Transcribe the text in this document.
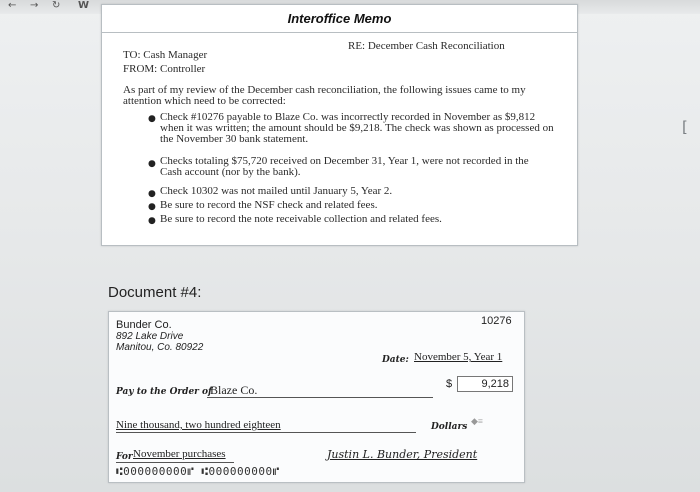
← → ↻ W
[
Interoffice Memo
TO: Cash Manager
FROM: Controller
RE: December Cash Reconciliation
As part of my review of the December cash reconciliation, the following issues came to my
attention which need to be corrected:
● Check #10276 payable to Blaze Co. was incorrectly recorded in November as $9,812
when it was written; the amount should be $9,218. The check was shown as processed on
the November 30 bank statement.
● Checks totaling $75,720 received on December 31, Year 1, were not recorded in the
Cash account (nor by the bank).
● Check 10302 was not mailed until January 5, Year 2.
● Be sure to record the NSF check and related fees.
● Be sure to record the note receivable collection and related fees.
Document #4:
Bunder Co.
892 Lake Drive
Manitou, Co. 80922
10276
Date: November 5, Year 1
Pay to the Order of
Blaze Co.	$	9,218
Nine thousand, two hundred eighteen	Dollars
◆≡
For November purchases	Justin L. Bunder, President
⑆000000000⑈ ⑆000000000⑈
